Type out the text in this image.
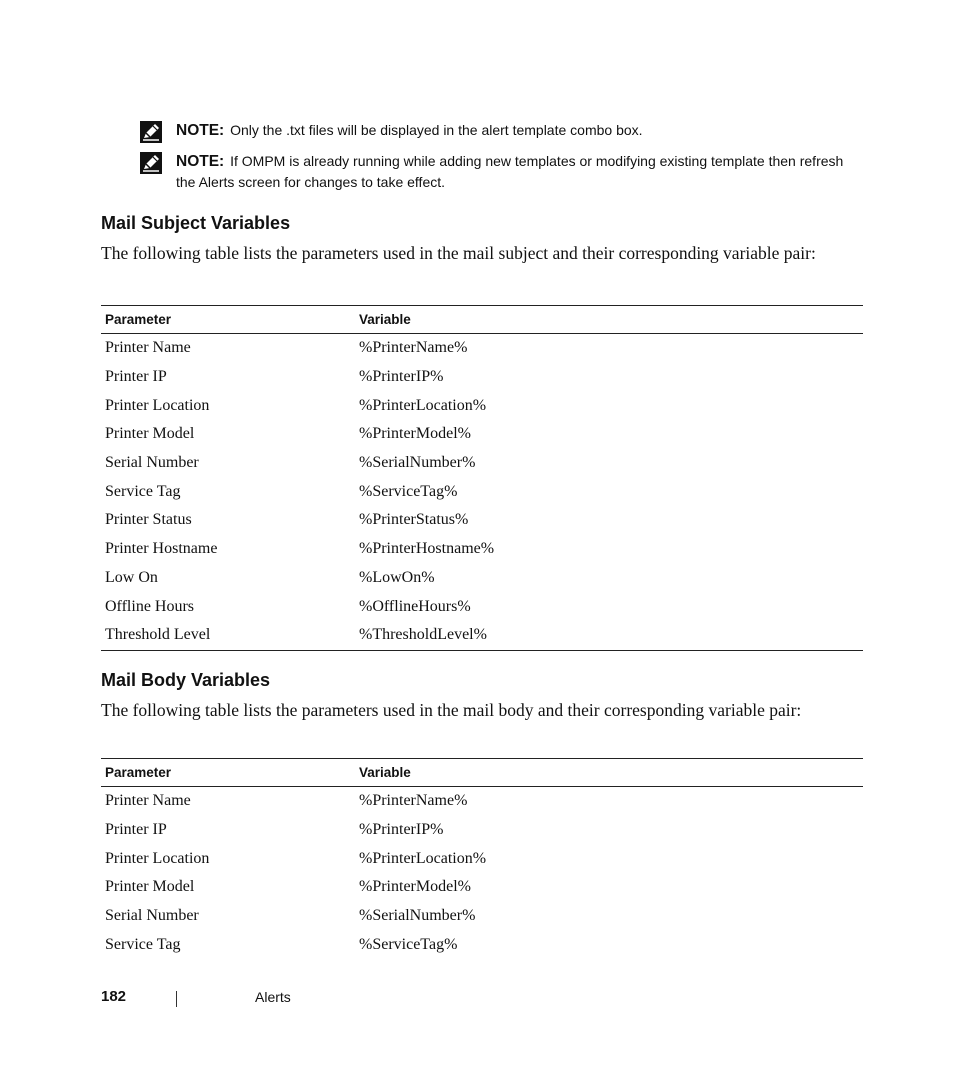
NOTE: Only the .txt files will be displayed in the alert template combo box.
NOTE: If OMPM is already running while adding new templates or modifying existing template then refresh
the Alerts screen for changes to take effect.
Mail Subject Variables

The following table lists the parameters used in the mail subject and their corresponding variable pair:

Parameter	Variable
Printer Name	%PrinterName%
Printer IP	%PrinterIP%
Printer Location	%PrinterLocation%
Printer Model	%PrinterModel%
Serial Number	%SerialNumber%
Service Tag	%ServiceTag%
Printer Status	%PrinterStatus%
Printer Hostname	%PrinterHostname%
Low On	%LowOn%
Offline Hours	%OfflineHours%
Threshold Level	%ThresholdLevel%
Mail Body Variables

The following table lists the parameters used in the mail body and their corresponding variable pair:

Parameter	Variable
Printer Name	%PrinterName%
Printer IP	%PrinterIP%
Printer Location	%PrinterLocation%
Printer Model	%PrinterModel%
Serial Number	%SerialNumber%
Service Tag	%ServiceTag%
182	Alerts
